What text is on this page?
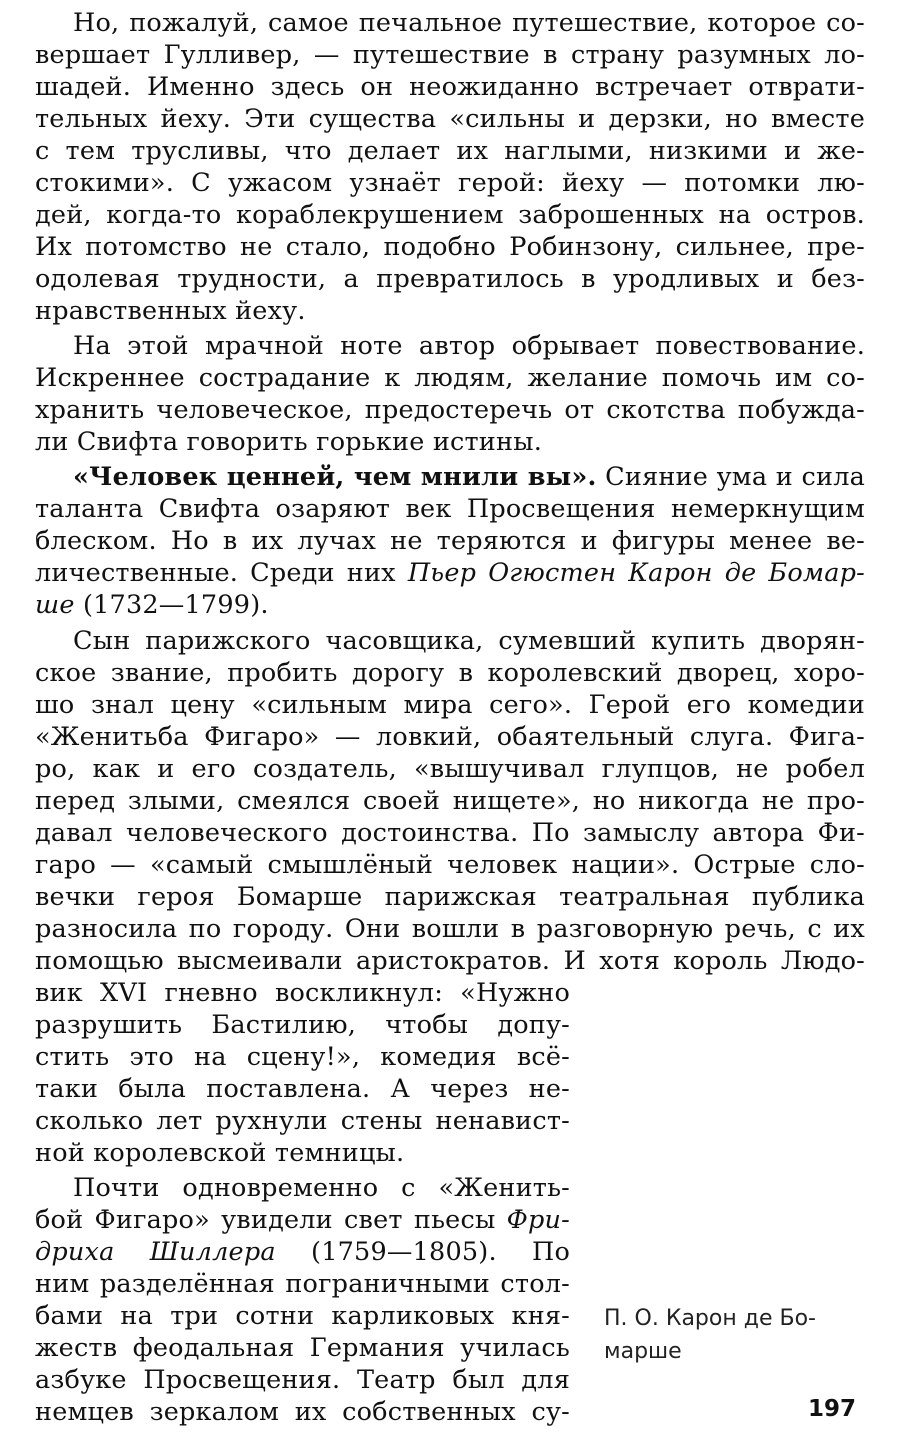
Но, пожалуй, самое печальное путешествие, которое со-
вершает Гулливер, — путешествие в страну разумных ло-
шадей. Именно здесь он неожиданно встречает отврати-
тельных йеху. Эти существа «сильны и дерзки, но вместе
с тем трусливы, что делает их наглыми, низкими и же-
стокими». С ужасом узнаёт герой: йеху — потомки лю-
дей, когда-то кораблекрушением заброшенных на остров.
Их потомство не стало, подобно Робинзону, сильнее, пре-
одолевая трудности, а превратилось в уродливых и без-
нравственных йеху.
На этой мрачной ноте автор обрывает повествование.
Искреннее сострадание к людям, желание помочь им со-
хранить человеческое, предостеречь от скотства побужда-
ли Свифта говорить горькие истины.
«Человек ценней, чем мнили вы». Сияние ума и сила
таланта Свифта озаряют век Просвещения немеркнущим
блеском. Но в их лучах не теряются и фигуры менее ве-
личественные. Среди них Пьер Огюстен Карон де Бомар-
ше (1732—1799).
Сын парижского часовщика, сумевший купить дворян-
ское звание, пробить дорогу в королевский дворец, хоро-
шо знал цену «сильным мира сего». Герой его комедии
«Женитьба Фигаро» — ловкий, обаятельный слуга. Фига-
ро, как и его создатель, «вышучивал глупцов, не робел
перед злыми, смеялся своей нищете», но никогда не про-
давал человеческого достоинства. По замыслу автора Фи-
гаро — «самый смышлёный человек нации». Острые сло-
вечки героя Бомарше парижская театральная публика
разносила по городу. Они вошли в разговорную речь, с их
помощью высмеивали аристократов. И хотя король Людо-
вик XVI гневно воскликнул: «Нужно
разрушить Бастилию, чтобы допу-
стить это на сцену!», комедия всё-
таки была поставлена. А через не-
сколько лет рухнули стены ненавист-
ной королевской темницы.
Почти одновременно с «Женить-
бой Фигаро» увидели свет пьесы Фри-
дриха Шиллера (1759—1805). По
ним разделённая пограничными стол-
бами на три сотни карликовых кня-
жеств феодальная Германия училась
азбуке Просвещения. Театр был для
немцев зеркалом их собственных су-
П. О. Карон де Бо-
марше
197
